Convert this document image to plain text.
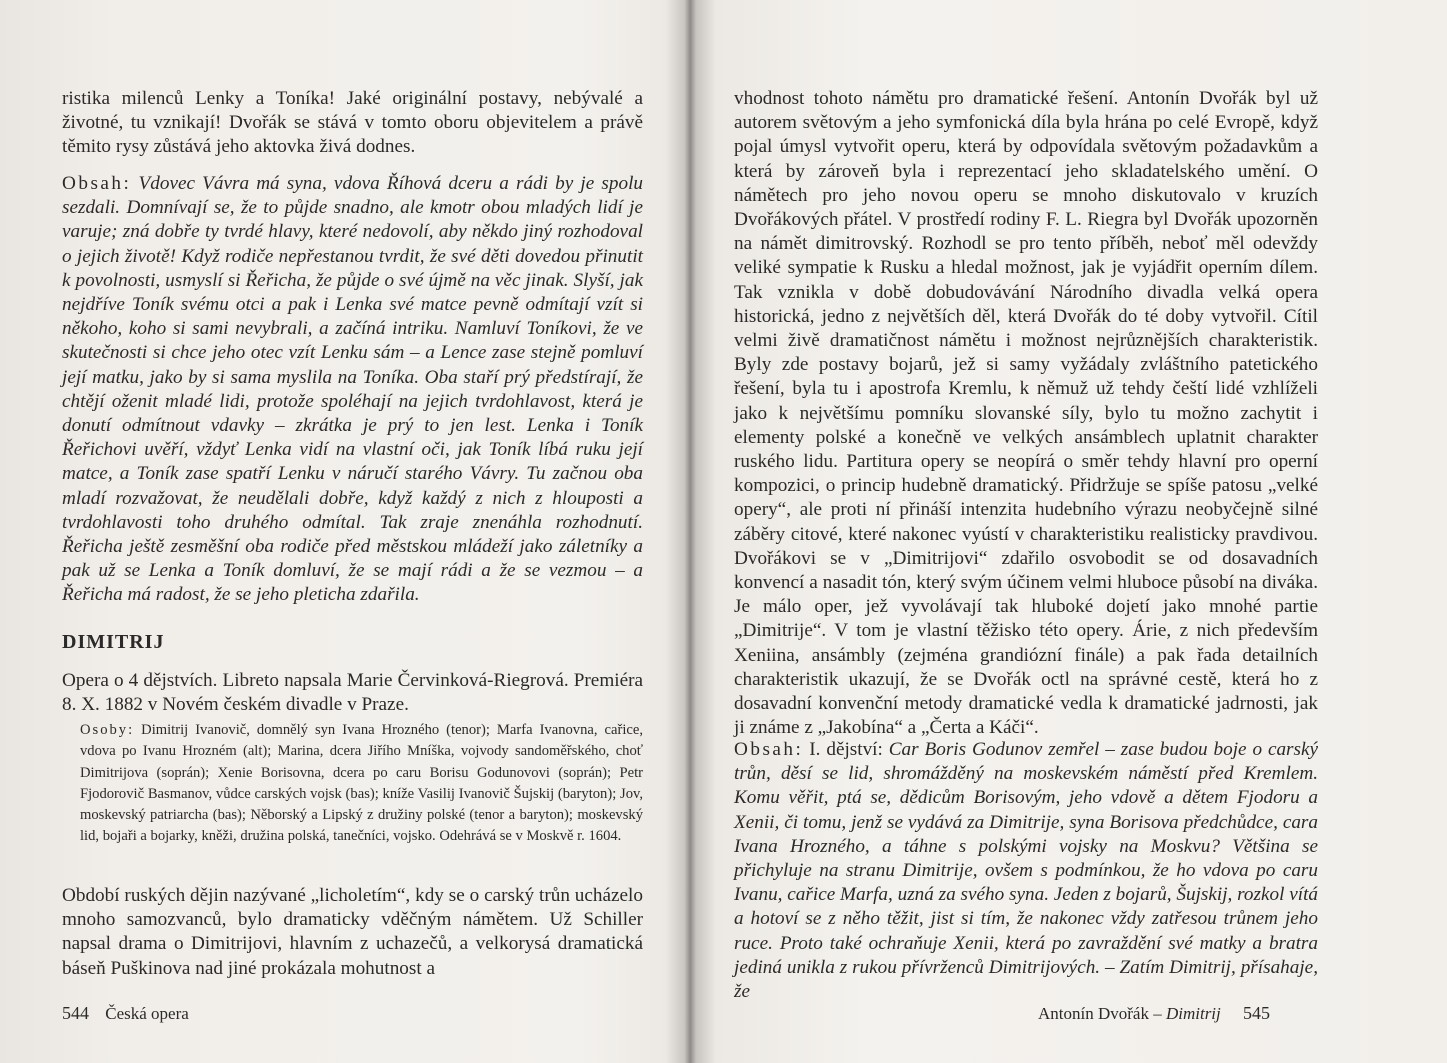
ristika milenců Lenky a Toníka! Jaké originální postavy, nebývalé a životné, tu vznikají! Dvořák se stává v tomto oboru objevitelem a právě těmito rysy zůstává jeho aktovka živá dodnes.

Obsah: Vdovec Vávra má syna, vdova Říhová dceru a rádi by je spolu sezdali. Domnívají se, že to půjde snadno, ale kmotr obou mladých lidí je varuje; zná dobře ty tvrdé hlavy, které nedovolí, aby někdo jiný rozhodoval o jejich životě! Když rodiče nepřestanou tvrdit, že své děti dovedou přinutit k povolnosti, usmyslí si Řeřicha, že půjde o své újmě na věc jinak. Slyší, jak nejdříve Toník svému otci a pak i Lenka své matce pevně odmítají vzít si někoho, koho si sami nevybrali, a začíná intriku. Namluví Toníkovi, že ve skutečnosti si chce jeho otec vzít Lenku sám – a Lence zase stejně pomluví její matku, jako by si sama myslila na Toníka. Oba staří prý předstírají, že chtějí oženit mladé lidi, protože spoléhají na jejich tvrdohlavost, která je donutí odmítnout vdavky – zkrátka je prý to jen lest. Lenka i Toník Řeřichovi uvěří, vždyť Lenka vidí na vlastní oči, jak Toník líbá ruku její matce, a Toník zase spatří Lenku v náručí starého Vávry. Tu začnou oba mladí rozvažovat, že neudělali dobře, když každý z nich z hlouposti a tvrdohlavosti toho druhého odmítal. Tak zraje znenáhla rozhodnutí. Řeřicha ještě zesměšní oba rodiče před městskou mládeží jako záletníky a pak už se Lenka a Toník domluví, že se mají rádi a že se vezmou – a Řeřicha má radost, že se jeho pleticha zdařila.

DIMITRIJ

Opera o 4 dějstvích. Libreto napsala Marie Červinková-Riegrová. Premiéra 8. X. 1882 v Novém českém divadle v Praze.

Osoby: Dimitrij Ivanovič, domnělý syn Ivana Hrozného (tenor); Marfa Ivanovna, cařice, vdova po Ivanu Hrozném (alt); Marina, dcera Jiřího Mníška, vojvody sandoměřského, choť Dimitrijova (soprán); Xenie Borisovna, dcera po caru Borisu Godunovovi (soprán); Petr Fjodorovič Basmanov, vůdce carských vojsk (bas); kníže Vasilij Ivanovič Šujskij (baryton); Jov, moskevský patriarcha (bas); Něborský a Lipský z družiny polské (tenor a baryton); moskevský lid, bojaři a bojarky, kněži, družina polská, tanečníci, vojsko. Odehrává se v Moskvě r. 1604.

Období ruských dějin nazývané „licholetím“, kdy se o carský trůn ucházelo mnoho samozvanců, bylo dramaticky vděčným námětem. Už Schiller napsal drama o Dimitrijovi, hlavním z uchazečů, a velkorysá dramatická báseň Puškinova nad jiné prokázala mohutnost a

544 Česká opera

vhodnost tohoto námětu pro dramatické řešení. Antonín Dvořák byl už autorem světovým a jeho symfonická díla byla hrána po celé Evropě, když pojal úmysl vytvořit operu, která by odpovídala světovým požadavkům a která by zároveň byla i reprezentací jeho skladatelského umění. O námětech pro jeho novou operu se mnoho diskutovalo v kruzích Dvořákových přátel. V prostředí rodiny F. L. Riegra byl Dvořák upozorněn na námět dimitrovský. Rozhodl se pro tento příběh, neboť měl odevždy veliké sympatie k Rusku a hledal možnost, jak je vyjádřit operním dílem. Tak vznikla v době dobudovávání Národního divadla velká opera historická, jedno z největších děl, která Dvořák do té doby vytvořil. Cítil velmi živě dramatičnost námětu i možnost nejrůznějších charakteristik. Byly zde postavy bojarů, jež si samy vyžádaly zvláštního patetického řešení, byla tu i apostrofa Kremlu, k němuž už tehdy čeští lidé vzhlíželi jako k největšímu pomníku slovanské síly, bylo tu možno zachytit i elementy polské a konečně ve velkých ansámblech uplatnit charakter ruského lidu. Partitura opery se neopírá o směr tehdy hlavní pro operní kompozici, o princip hudebně dramatický. Přidržuje se spíše patosu „velké opery“, ale proti ní přináší intenzita hudebního výrazu neobyčejně silné záběry citové, které nakonec vyústí v charakteristiku realisticky pravdivou. Dvořákovi se v „Dimitrijovi“ zdařilo osvobodit se od dosavadních konvencí a nasadit tón, který svým účinem velmi hluboce působí na diváka. Je málo oper, jež vyvolávají tak hluboké dojetí jako mnohé partie „Dimitrije“. V tom je vlastní těžisko této opery. Árie, z nich především Xeniina, ansámbly (zejména grandiózní finále) a pak řada detailních charakteristik ukazují, že se Dvořák octl na správné cestě, která ho z dosavadní konvenční metody dramatické vedla k dramatické jadrnosti, jak ji známe z „Jakobína“ a „Čerta a Káči“.

Obsah: I. dějství: Car Boris Godunov zemřel – zase budou boje o carský trůn, děsí se lid, shromážděný na moskevském náměstí před Kremlem. Komu věřit, ptá se, dědicům Borisovým, jeho vdově a dětem Fjodoru a Xenii, či tomu, jenž se vydává za Dimitrije, syna Borisova předchůdce, cara Ivana Hrozného, a táhne s polskými vojsky na Moskvu? Většina se přichyluje na stranu Dimitrije, ovšem s podmínkou, že ho vdova po caru Ivanu, cařice Marfa, uzná za svého syna. Jeden z bojarů, Šujskij, rozkol vítá a hotoví se z něho těžit, jist si tím, že nakonec vždy zatřesou trůnem jeho ruce. Proto také ochraňuje Xenii, která po zavraždění své matky a bratra jediná unikla z rukou přívrženců Dimitrijových. – Zatím Dimitrij, přísahaje, že

Antonín Dvořák – Dimitrij 545
